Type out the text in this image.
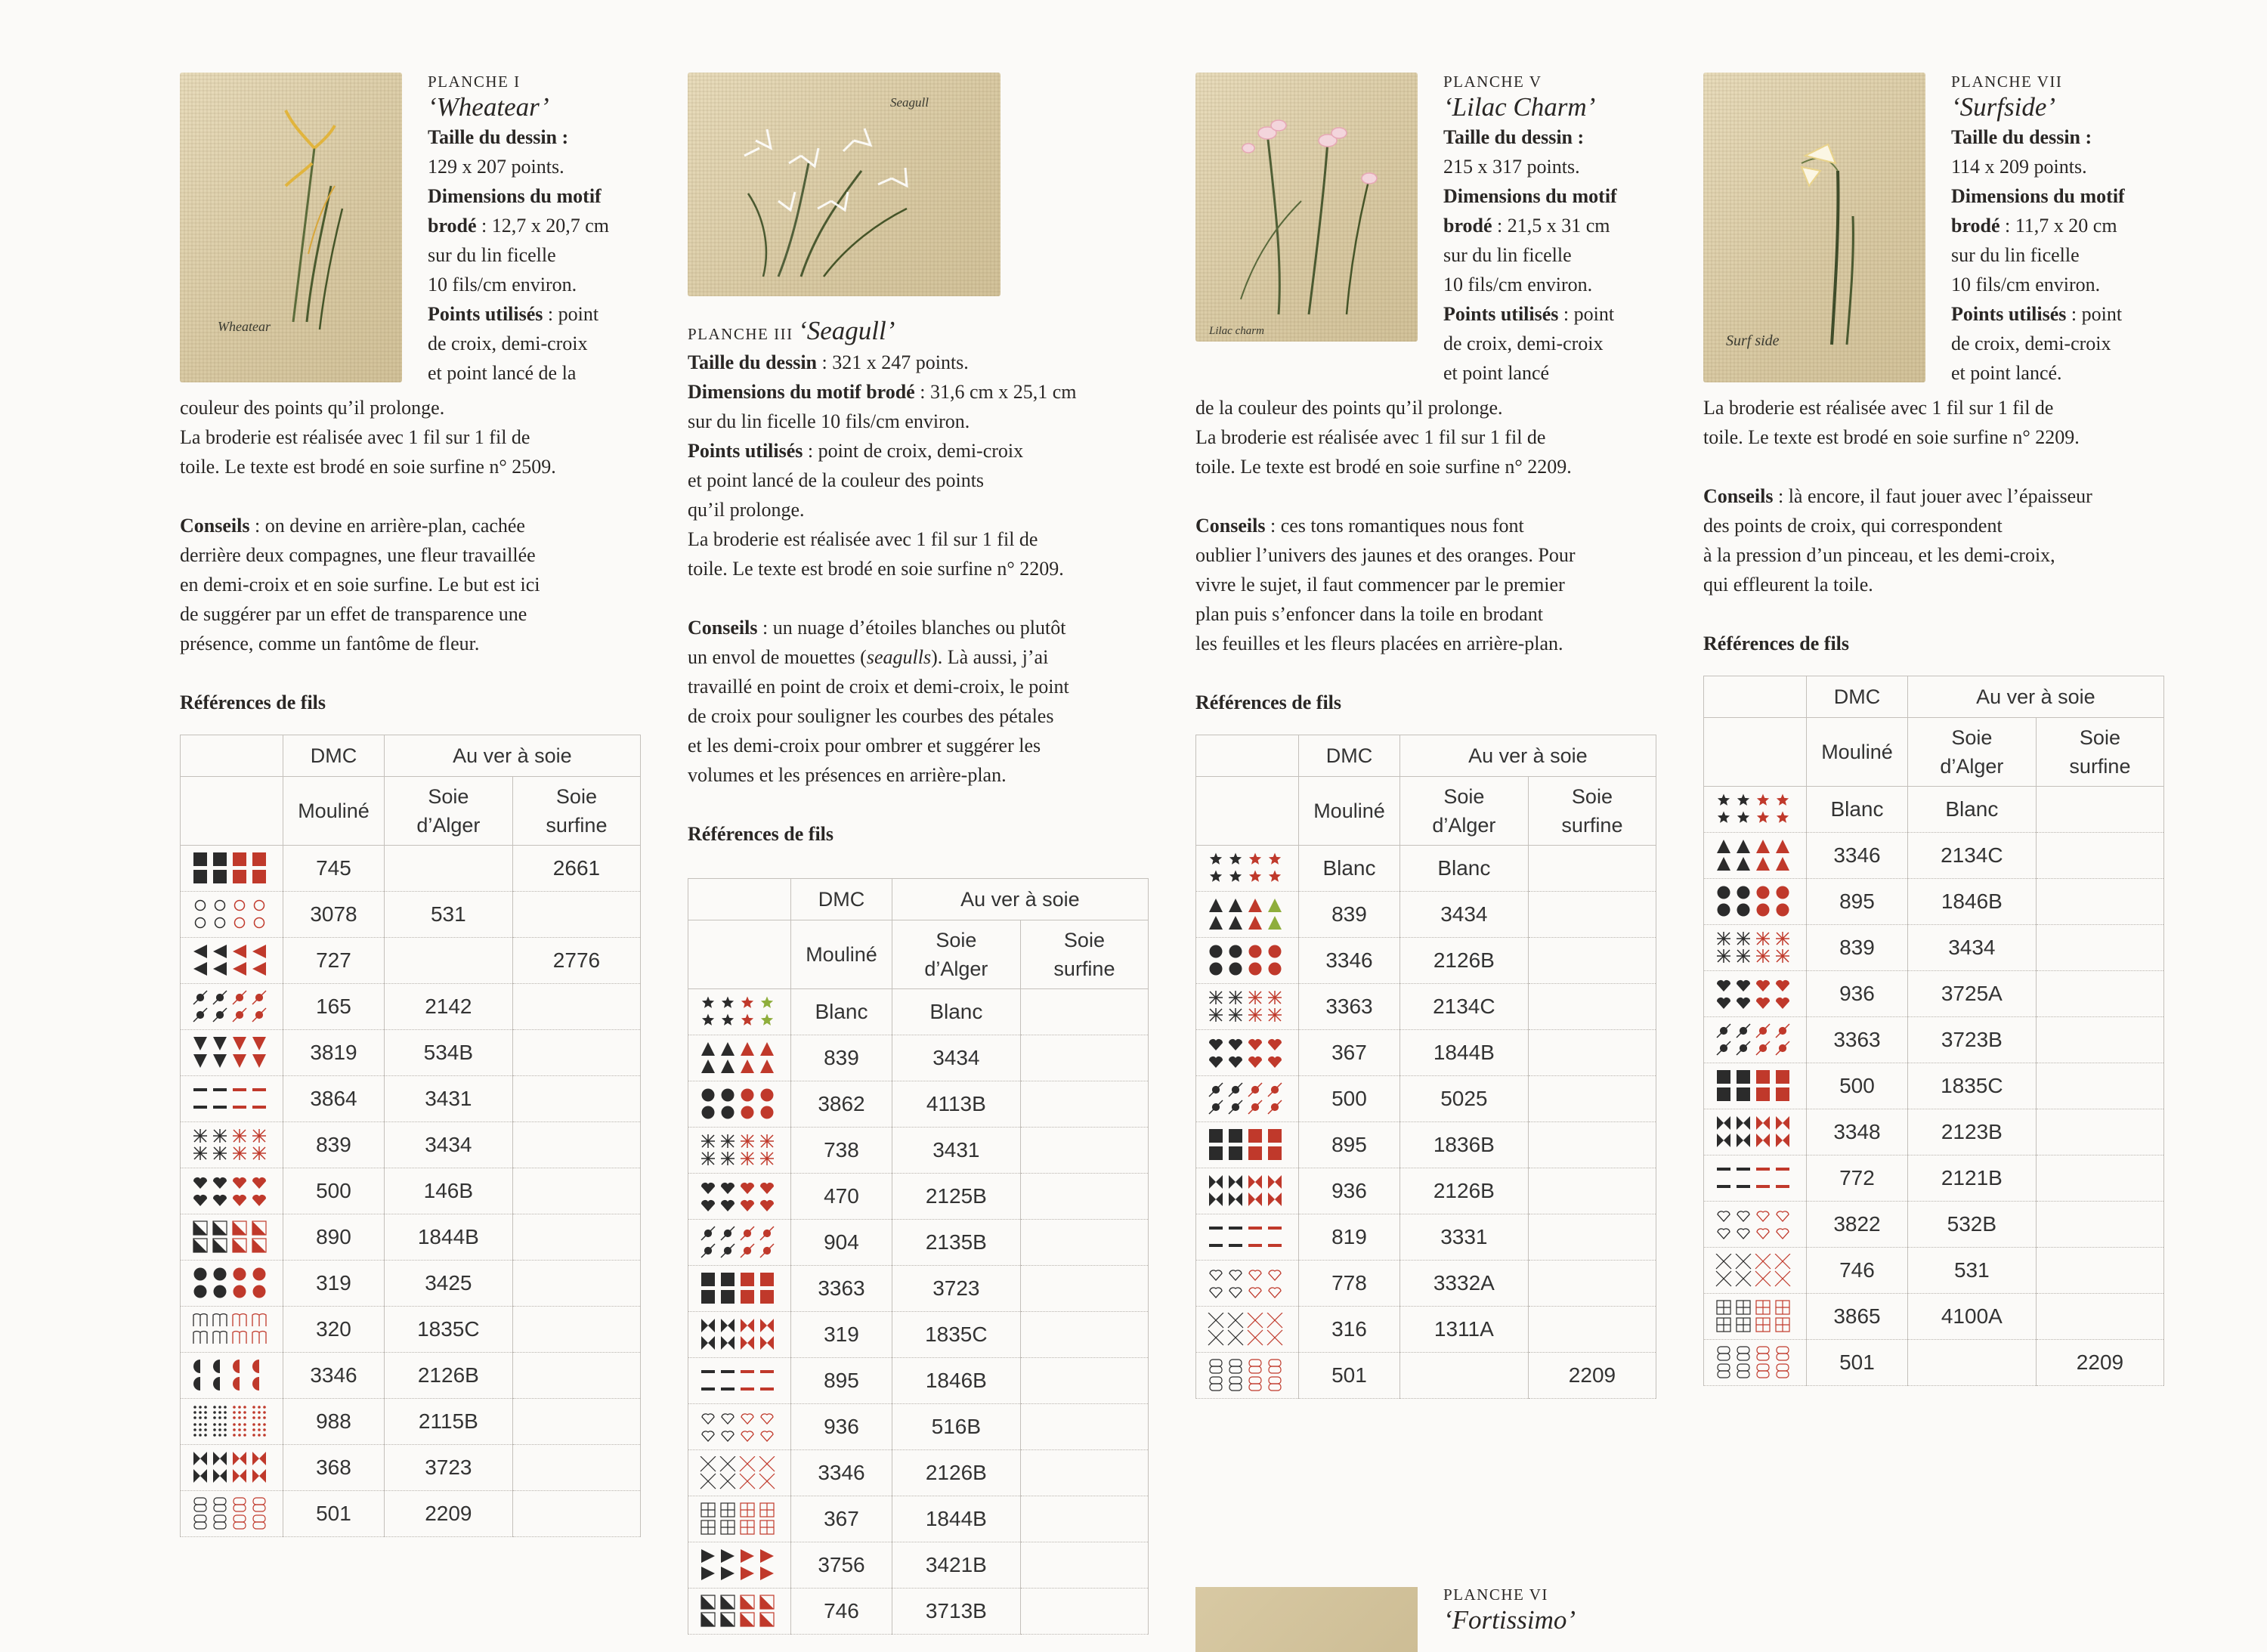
Wheatear
PLANCHE I
‘Wheatear’
Taille du dessin :
129 x 207 points.
Dimensions du motif
brodé : 12,7 x 20,7 cm
sur du lin ficelle
10 fils/cm environ.
Points utilisés : point
de croix, demi-croix
et point lancé de la
couleur des points qu’il prolonge.
La broderie est réalisée avec 1 fil sur 1 fil de
toile. Le texte est brodé en soie surfine n° 2509.
Conseils : on devine en arrière-plan, cachée
derrière deux compagnes, une fleur travaillée
en demi-croix et en soie surfine. Le but est ici
de suggérer par un effet de transparence une
présence, comme un fantôme de fleur.
Références de fils
	DMC	Au ver à soie	
	Mouliné	Soie d’Alger	Soie surfine
	745		2661
	3078	531	
	727		2776
	165	2142	
	3819	534B	
	3864	3431	
	839	3434	
	500	146B	
	890	1844B	
	319	3425	
	320	1835C	
	3346	2126B	
	988	2115B	
	368	3723	
	501	2209	
Seagull
PLANCHE III ‘Seagull’
Taille du dessin : 321 x 247 points.
Dimensions du motif brodé : 31,6 cm x 25,1 cm
sur du lin ficelle 10 fils/cm environ.
Points utilisés : point de croix, demi-croix
et point lancé de la couleur des points
qu’il prolonge.
La broderie est réalisée avec 1 fil sur 1 fil de
toile. Le texte est brodé en soie surfine n° 2209.
Conseils : un nuage d’étoiles blanches ou plutôt
un envol de mouettes (seagulls). Là aussi, j’ai
travaillé en point de croix et demi-croix, le point
de croix pour souligner les courbes des pétales
et les demi-croix pour ombrer et suggérer les
volumes et les présences en arrière-plan.
Références de fils
	DMC	Au ver à soie	
	Mouliné	Soie d’Alger	Soie surfine
	Blanc	Blanc	
	839	3434	
	3862	4113B	
	738	3431	
	470	2125B	
	904	2135B	
	3363	3723	
	319	1835C	
	895	1846B	
	936	516B	
	3346	2126B	
	367	1844B	
	3756	3421B	
	746	3713B	
Lilac charm
PLANCHE V
‘Lilac Charm’
Taille du dessin :
215 x 317 points.
Dimensions du motif
brodé : 21,5 x 31 cm
sur du lin ficelle
10 fils/cm environ.
Points utilisés : point
de croix, demi-croix
et point lancé
de la couleur des points qu’il prolonge.
La broderie est réalisée avec 1 fil sur 1 fil de
toile. Le texte est brodé en soie surfine n° 2209.
Conseils : ces tons romantiques nous font
oublier l’univers des jaunes et des oranges. Pour
vivre le sujet, il faut commencer par le premier
plan puis s’enfoncer dans la toile en brodant
les feuilles et les fleurs placées en arrière-plan.
Références de fils
	DMC	Au ver à soie	
	Mouliné	Soie d’Alger	Soie surfine
	Blanc	Blanc	
	839	3434	
	3346	2126B	
	3363	2134C	
	367	1844B	
	500	5025	
	895	1836B	
	936	2126B	
	819	3331	
	778	3332A	
	316	1311A	
	501		2209
Surf side
PLANCHE VII
‘Surfside’
Taille du dessin :
114 x 209 points.
Dimensions du motif
brodé : 11,7 x 20 cm
sur du lin ficelle
10 fils/cm environ.
Points utilisés : point
de croix, demi-croix
et point lancé.
La broderie est réalisée avec 1 fil sur 1 fil de
toile. Le texte est brodé en soie surfine n° 2209.
Conseils : là encore, il faut jouer avec l’épaisseur
des points de croix, qui correspondent
à la pression d’un pinceau, et les demi-croix,
qui effleurent la toile.
Références de fils
	DMC	Au ver à soie	
	Mouliné	Soie d’Alger	Soie surfine
	Blanc	Blanc	
	3346	2134C	
	895	1846B	
	839	3434	
	936	3725A	
	3363	3723B	
	500	1835C	
	3348	2123B	
	772	2121B	
	3822	532B	
	746	531	
	3865	4100A	
	501		2209
PLANCHE VI
‘Fortissimo’
